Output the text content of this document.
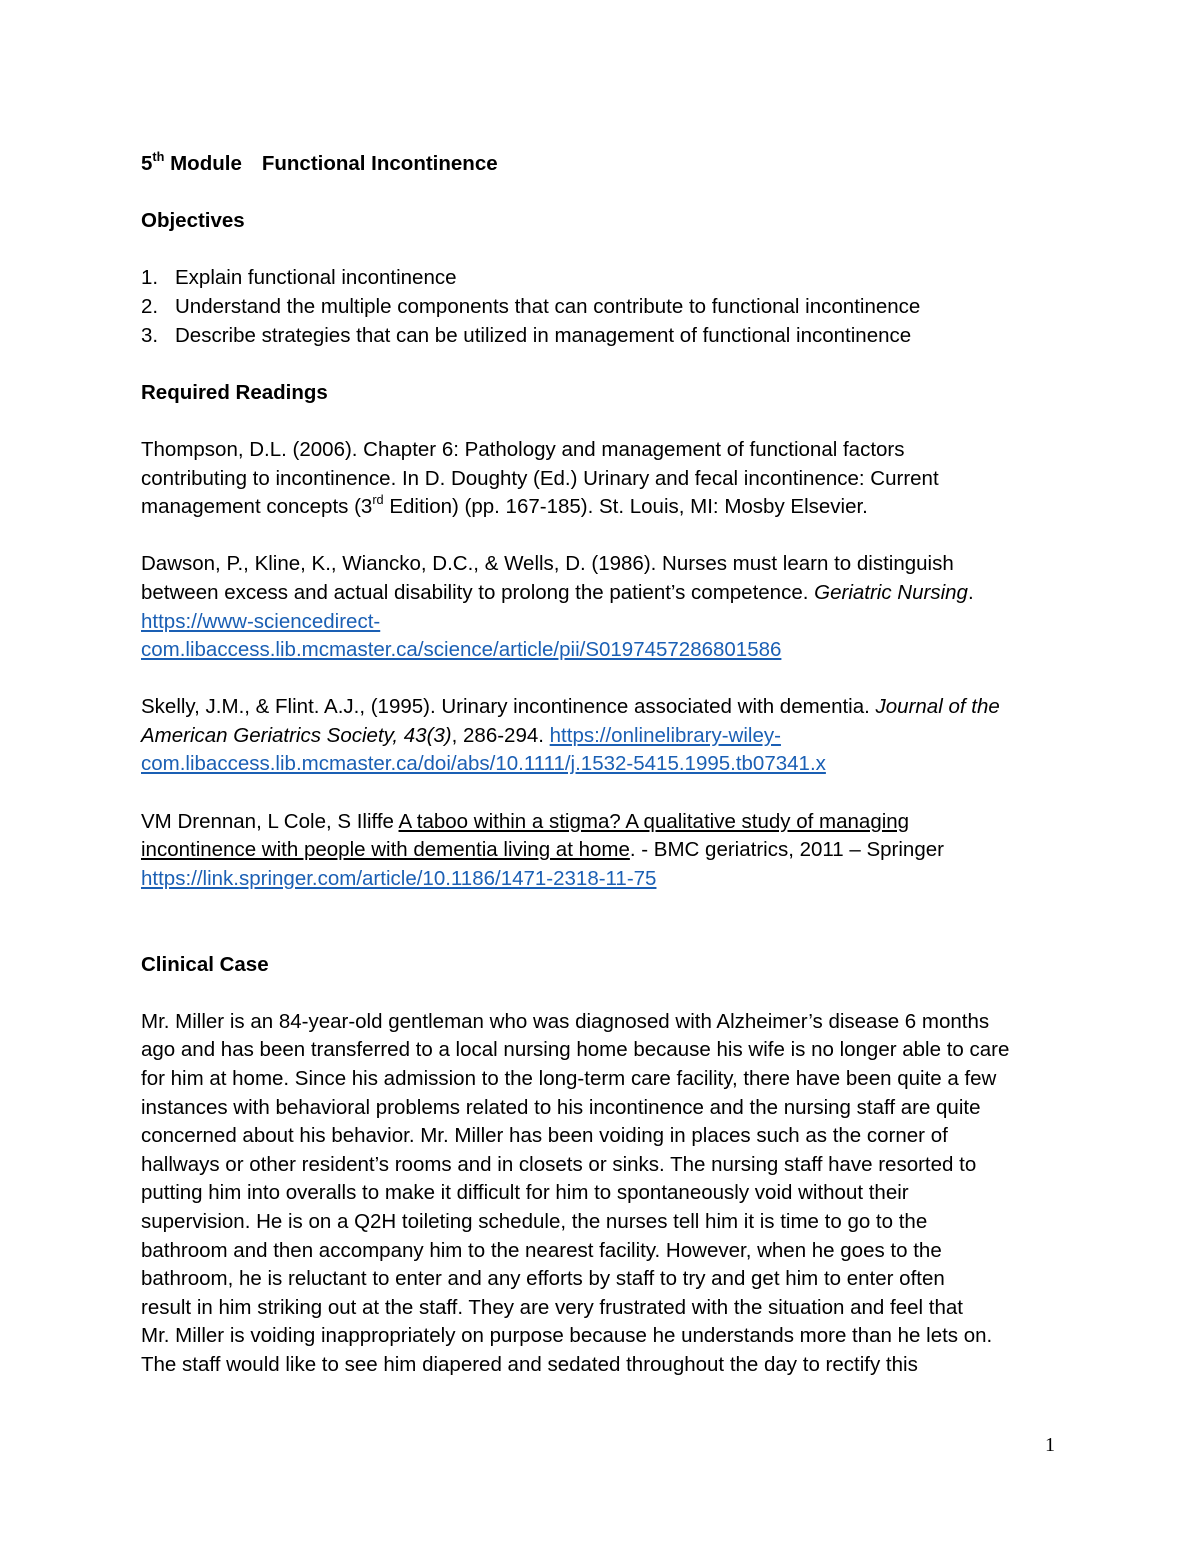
5th Module Functional Incontinence

Objectives

1. Explain functional incontinence
2. Understand the multiple components that can contribute to functional incontinence
3. Describe strategies that can be utilized in management of functional incontinence

Required Readings

Thompson, D.L. (2006). Chapter 6: Pathology and management of functional factors

contributing to incontinence. In D. Doughty (Ed.) Urinary and fecal incontinence: Current

management concepts (3rd Edition) (pp. 167-185). St. Louis, MI: Mosby Elsevier.

Dawson, P., Kline, K., Wiancko, D.C., & Wells, D. (1986). Nurses must learn to distinguish

between excess and actual disability to prolong the patient’s competence. Geriatric Nursing.

https://www-sciencedirect-

com.libaccess.lib.mcmaster.ca/science/article/pii/S0197457286801586

Skelly, J.M., & Flint. A.J., (1995). Urinary incontinence associated with dementia. Journal of the

American Geriatrics Society, 43(3), 286-294. https://onlinelibrary-wiley-

com.libaccess.lib.mcmaster.ca/doi/abs/10.1111/j.1532-5415.1995.tb07341.x

VM Drennan, L Cole, S Iliffe A taboo within a stigma? A qualitative study of managing

incontinence with people with dementia living at home. - BMC geriatrics, 2011 – Springer

https://link.springer.com/article/10.1186/1471-2318-11-75

Clinical Case

Mr. Miller is an 84-year-old gentleman who was diagnosed with Alzheimer’s disease 6 months

ago and has been transferred to a local nursing home because his wife is no longer able to care

for him at home. Since his admission to the long-term care facility, there have been quite a few

instances with behavioral problems related to his incontinence and the nursing staff are quite

concerned about his behavior. Mr. Miller has been voiding in places such as the corner of

hallways or other resident’s rooms and in closets or sinks. The nursing staff have resorted to

putting him into overalls to make it difficult for him to spontaneously void without their

supervision. He is on a Q2H toileting schedule, the nurses tell him it is time to go to the

bathroom and then accompany him to the nearest facility. However, when he goes to the

bathroom, he is reluctant to enter and any efforts by staff to try and get him to enter often

result in him striking out at the staff. They are very frustrated with the situation and feel that

Mr. Miller is voiding inappropriately on purpose because he understands more than he lets on.

The staff would like to see him diapered and sedated throughout the day to rectify this

1
